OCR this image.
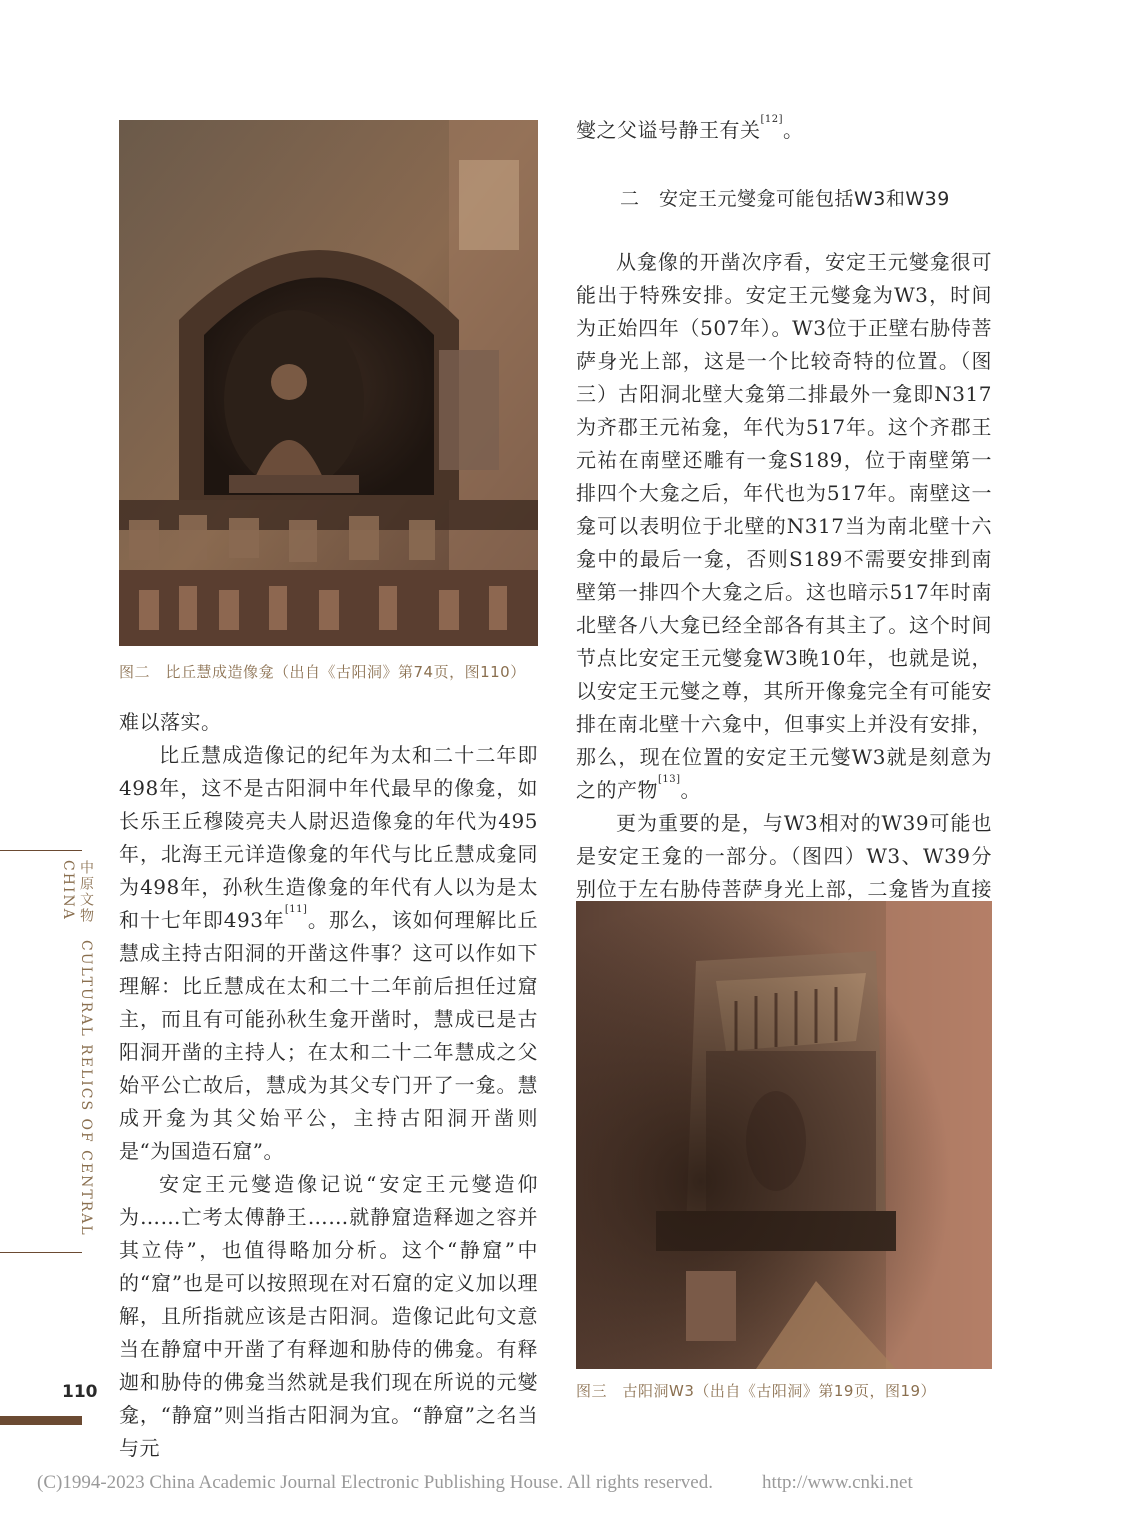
图二　比丘慧成造像龛（出自《古阳洞》第74页，图110）

难以落实。

比丘慧成造像记的纪年为太和二十二年即498年，这不是古阳洞中年代最早的像龛，如长乐王丘穆陵亮夫人尉迟造像龛的年代为495年，北海王元详造像龛的年代与比丘慧成龛同为498年，孙秋生造像龛的年代有人以为是太和十七年即493年[11]。那么，该如何理解比丘慧成主持古阳洞的开凿这件事？这可以作如下理解：比丘慧成在太和二十二年前后担任过窟主，而且有可能孙秋生龛开凿时，慧成已是古阳洞开凿的主持人；在太和二十二年慧成之父始平公亡故后，慧成为其父专门开了一龛。慧成开龛为其父始平公，主持古阳洞开凿则是“为国造石窟”。

安定王元燮造像记说“安定王元燮造仰为……亡考太傅静王……就静窟造释迦之容并其立侍”，也值得略加分析。这个“静窟”中的“窟”也是可以按照现在对石窟的定义加以理解，且所指就应该是古阳洞。造像记此句文意当在静窟中开凿了有释迦和胁侍的佛龛。有释迦和胁侍的佛龛当然就是我们现在所说的元燮龛，“静窟”则当指古阳洞为宜。“静窟”之名当与元

燮之父谥号静王有关[12]。

二　安定王元燮龛可能包括W3和W39

从龛像的开凿次序看，安定王元燮龛很可能出于特殊安排。安定王元燮龛为W3，时间为正始四年（507年）。W3位于正壁右胁侍菩萨身光上部，这是一个比较奇特的位置。（图三）古阳洞北壁大龛第二排最外一龛即N317为齐郡王元祐龛，年代为517年。这个齐郡王元祐在南壁还雕有一龛S189，位于南壁第一排四个大龛之后，年代也为517年。南壁这一龛可以表明位于北壁的N317当为南北壁十六龛中的最后一龛，否则S189不需要安排到南壁第一排四个大龛之后。这也暗示517年时南北壁各八大龛已经全部各有其主了。这个时间节点比安定王元燮龛W3晚10年，也就是说，以安定王元燮之尊，其所开像龛完全有可能安排在南北壁十六龛中，但事实上并没有安排，那么，现在位置的安定王元燮W3就是刻意为之的产物[13]。

更为重要的是，与W3相对的W39可能也是安定王龛的一部分。（图四）W3、W39分别位于左右胁侍菩萨身光上部，二龛皆为直接

图三　古阳洞W3（出自《古阳洞》第19页，图19）
中原文物　CULTURAL RELICS OF CENTRAL CHINA
110
(C)1994-2023 China Academic Journal Electronic Publishing House. All rights reserved.	http://www.cnki.net
